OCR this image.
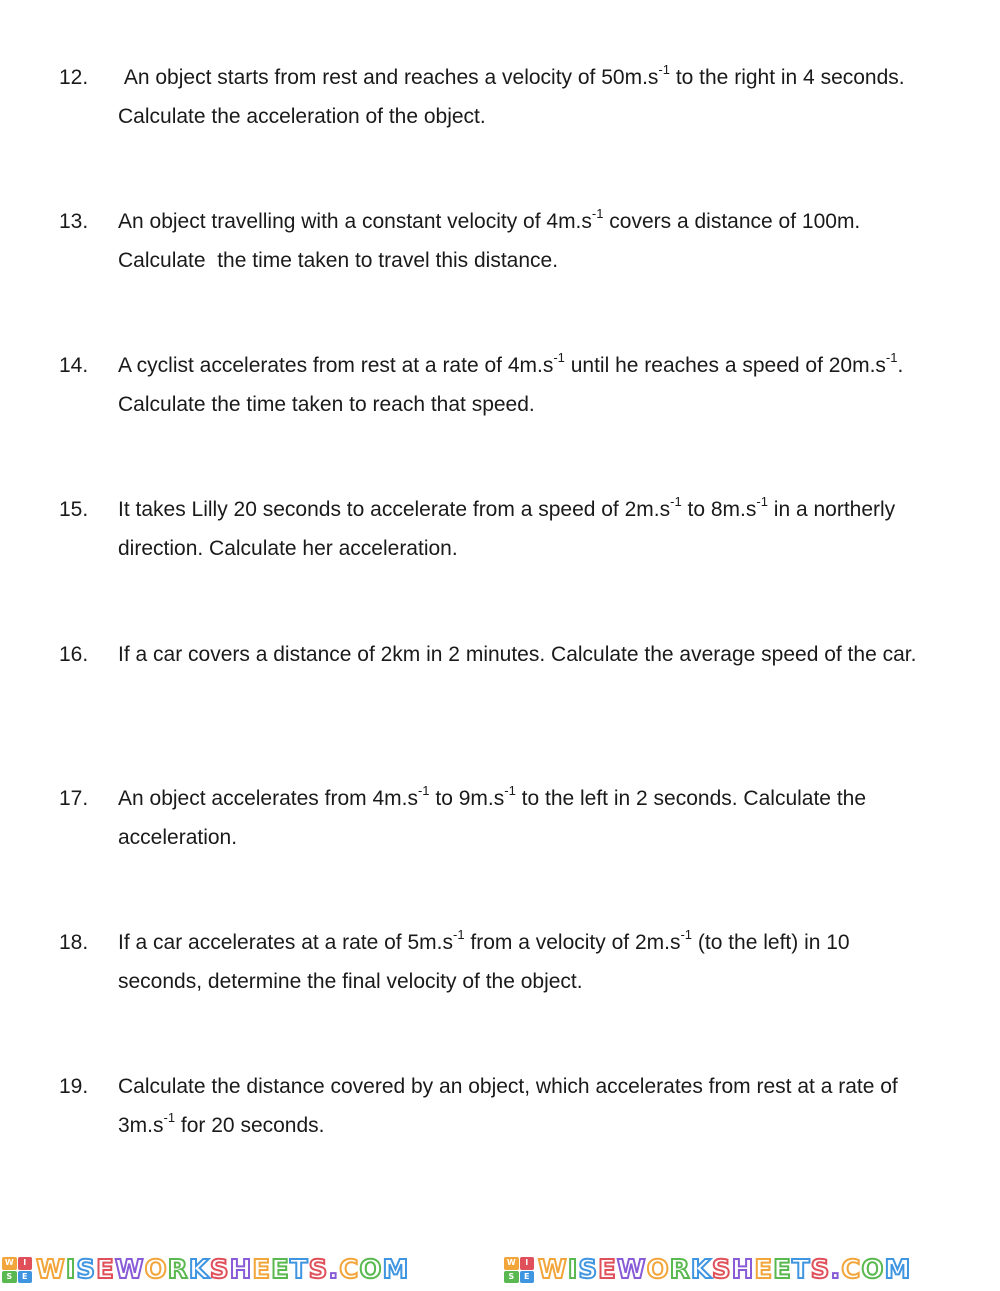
12. An object starts from rest and reaches a velocity of $50m.s^{-1}$ to the right in 4 seconds. Calculate the acceleration of the object.
13. An object travelling with a constant velocity of $4m.s^{-1}$ covers a distance of 100m. Calculate  the time taken to travel this distance.
14. A cyclist accelerates from rest at a rate of $4m.s^{-1}$ until he reaches a speed of $20m.s^{-1}$. Calculate the time taken to reach that speed.
15. It takes Lilly 20 seconds to accelerate from a speed of $2m.s^{-1}$ to $8m.s^{-1}$ in a northerly direction. Calculate her acceleration.
16. If a car covers a distance of 2km in 2 minutes. Calculate the average speed of the car.
17. An object accelerates from $4m.s^{-1}$ to $9m.s^{-1}$ to the left in 2 seconds. Calculate the acceleration.
18. If a car accelerates at a rate of $5m.s^{-1}$ from a velocity of $2m.s^{-1}$ (to the left) in 10 seconds, determine the final velocity of the object.
19. Calculate the distance covered by an object, which accelerates from rest at a rate of $3m.s^{-1}$ for 20 seconds.
W	I
S	E WISEWORKSHEETS.COM	W	I
S	E WISEWORKSHEETS.COM
